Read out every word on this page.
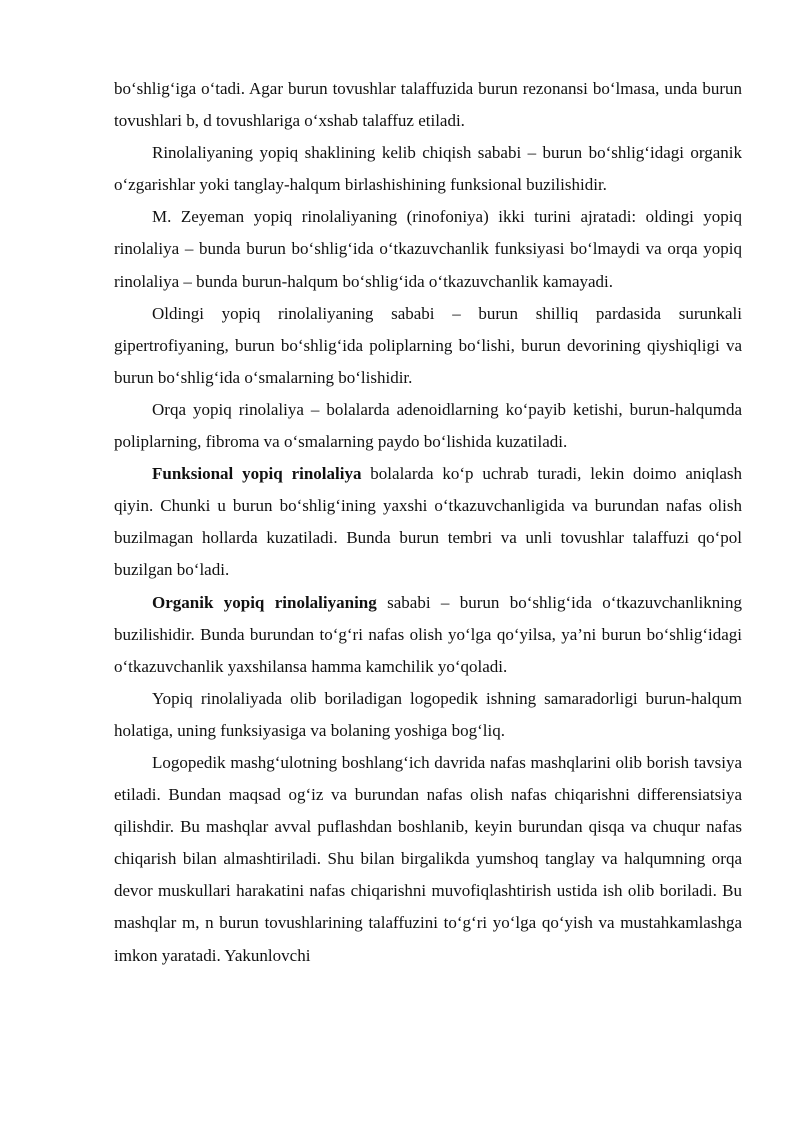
bo‘shlig‘iga o‘tadi. Agar burun tovushlar talaffuzida burun rezonansi bo‘lmasa, unda burun tovushlari b, d tovushlariga o‘xshab talaffuz etiladi.

Rinolaliyaning yopiq shaklining kelib chiqish sababi – burun bo‘shlig‘idagi organik o‘zgarishlar yoki tanglay-halqum birlashishining funksional buzilishidir.

M. Zeyeman yopiq rinolaliyaning (rinofoniya) ikki turini ajratadi: oldingi yopiq rinolaliya – bunda burun bo‘shlig‘ida o‘tkazuvchanlik funksiyasi bo‘lmaydi va orqa yopiq rinolaliya – bunda burun-halqum bo‘shlig‘ida o‘tkazuvchanlik kamayadi.

Oldingi yopiq rinolaliyaning sababi – burun shilliq pardasida surunkali gipertrofiyaning, burun bo‘shlig‘ida poliplarning bo‘lishi, burun devorining qiyshiqligi va burun bo‘shlig‘ida o‘smalarning bo‘lishidir.

Orqa yopiq rinolaliya – bolalarda adenoidlarning ko‘payib ketishi, burun-halqumda poliplarning, fibroma va o‘smalarning paydo bo‘lishida kuzatiladi.

Funksional yopiq rinolaliya bolalarda ko‘p uchrab turadi, lekin doimo aniqlash qiyin. Chunki u burun bo‘shlig‘ining yaxshi o‘tkazuvchanligida va burundan nafas olish buzilmagan hollarda kuzatiladi. Bunda burun tembri va unli tovushlar talaffuzi qo‘pol buzilgan bo‘ladi.

Organik yopiq rinolaliyaning sababi – burun bo‘shlig‘ida o‘tkazuvchanlikning buzilishidir. Bunda burundan to‘g‘ri nafas olish yo‘lga qo‘yilsa, ya’ni burun bo‘shlig‘idagi o‘tkazuvchanlik yaxshilansa hamma kamchilik yo‘qoladi.

Yopiq rinolaliyada olib boriladigan logopedik ishning samaradorligi burun-halqum holatiga, uning funksiyasiga va bolaning yoshiga bog‘liq.

Logopedik mashg‘ulotning boshlang‘ich davrida nafas mashqlarini olib borish tavsiya etiladi. Bundan maqsad og‘iz va burundan nafas olish nafas chiqarishni differensiatsiya qilishdir. Bu mashqlar avval puflashdan boshlanib, keyin burundan qisqa va chuqur nafas chiqarish bilan almashtiriladi. Shu bilan birgalikda yumshoq tanglay va halqumning orqa devor muskullari harakatini nafas chiqarishni muvofiqlashtirish ustida ish olib boriladi. Bu mashqlar m, n burun tovushlarining talaffuzini to‘g‘ri yo‘lga qo‘yish va mustahkamlashga imkon yaratadi. Yakunlovchi
